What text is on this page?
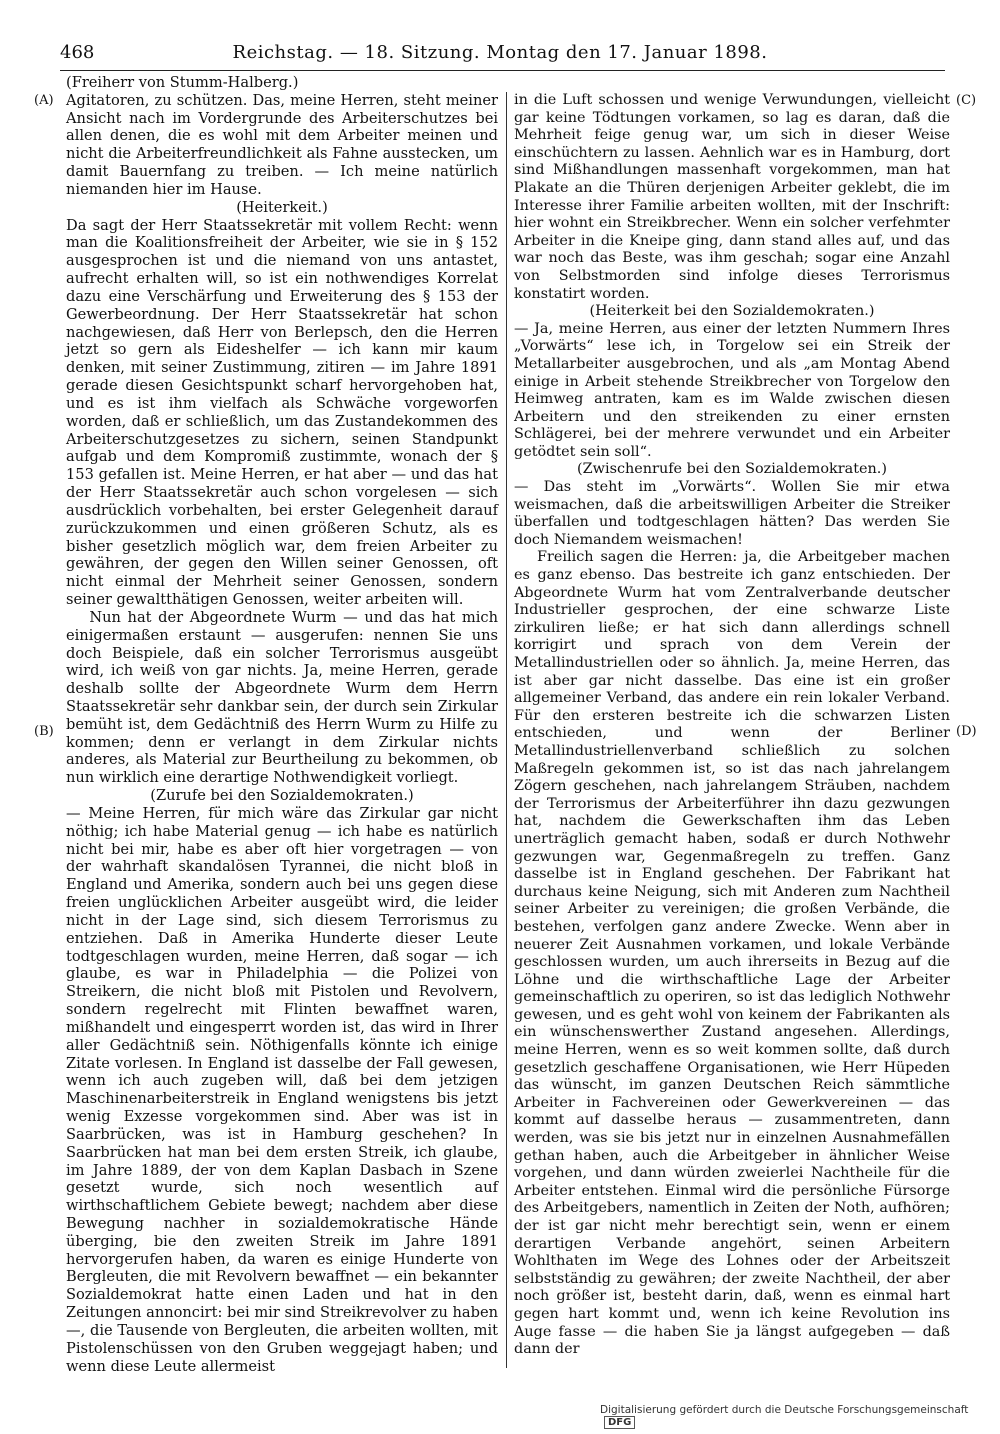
468	Reichstag. — 18. Sitzung. Montag den 17. Januar 1898.
(A)
(B)
(C)
(D)

(Freiherr von Stumm-Halberg.)

Agitatoren, zu schützen. Das, meine Herren, steht meiner Ansicht nach im Vordergrunde des Arbeiterschutzes bei allen denen, die es wohl mit dem Arbeiter meinen und nicht die Arbeiterfreundlichkeit als Fahne ausstecken, um damit Bauernfang zu treiben. — Ich meine natürlich niemanden hier im Hause.

(Heiterkeit.)

Da sagt der Herr Staatssekretär mit vollem Recht: wenn man die Koalitionsfreiheit der Arbeiter, wie sie in § 152 ausgesprochen ist und die niemand von uns antastet, aufrecht erhalten will, so ist ein nothwendiges Korrelat dazu eine Verschärfung und Erweiterung des § 153 der Gewerbeordnung. Der Herr Staatssekretär hat schon nachgewiesen, daß Herr von Berlepsch, den die Herren jetzt so gern als Eideshelfer — ich kann mir kaum denken, mit seiner Zustimmung, zitiren — im Jahre 1891 gerade diesen Gesichtspunkt scharf hervorgehoben hat, und es ist ihm vielfach als Schwäche vorgeworfen worden, daß er schließlich, um das Zustandekommen des Arbeiterschutzgesetzes zu sichern, seinen Standpunkt aufgab und dem Kompromiß zustimmte, wonach der § 153 gefallen ist. Meine Herren, er hat aber — und das hat der Herr Staatssekretär auch schon vorgelesen — sich ausdrücklich vorbehalten, bei erster Gelegenheit darauf zurückzukommen und einen größeren Schutz, als es bisher gesetzlich möglich war, dem freien Arbeiter zu gewähren, der gegen den Willen seiner Genossen, oft nicht einmal der Mehrheit seiner Genossen, sondern seiner gewaltthätigen Genossen, weiter arbeiten will.

Nun hat der Abgeordnete Wurm — und das hat mich einigermaßen erstaunt — ausgerufen: nennen Sie uns doch Beispiele, daß ein solcher Terrorismus ausgeübt wird, ich weiß von gar nichts. Ja, meine Herren, gerade deshalb sollte der Abgeordnete Wurm dem Herrn Staatssekretär sehr dankbar sein, der durch sein Zirkular bemüht ist, dem Gedächtniß des Herrn Wurm zu Hilfe zu kommen; denn er verlangt in dem Zirkular nichts anderes, als Material zur Beurtheilung zu bekommen, ob nun wirklich eine derartige Nothwendigkeit vorliegt.

(Zurufe bei den Sozialdemokraten.)

— Meine Herren, für mich wäre das Zirkular gar nicht nöthig; ich habe Material genug — ich habe es natürlich nicht bei mir, habe es aber oft hier vorgetragen — von der wahrhaft skandalösen Tyrannei, die nicht bloß in England und Amerika, sondern auch bei uns gegen diese freien unglücklichen Arbeiter ausgeübt wird, die leider nicht in der Lage sind, sich diesem Terrorismus zu entziehen. Daß in Amerika Hunderte dieser Leute todtgeschlagen wurden, meine Herren, daß sogar — ich glaube, es war in Philadelphia — die Polizei von Streikern, die nicht bloß mit Pistolen und Revolvern, sondern regelrecht mit Flinten bewaffnet waren, mißhandelt und eingesperrt worden ist, das wird in Ihrer aller Gedächtniß sein. Nöthigenfalls könnte ich einige Zitate vorlesen. In England ist dasselbe der Fall gewesen, wenn ich auch zugeben will, daß bei dem jetzigen Maschinenarbeiterstreik in England wenigstens bis jetzt wenig Exzesse vorgekommen sind. Aber was ist in Saarbrücken, was ist in Hamburg geschehen? In Saarbrücken hat man bei dem ersten Streik, ich glaube, im Jahre 1889, der von dem Kaplan Dasbach in Szene gesetzt wurde, sich noch wesentlich auf wirthschaftlichem Gebiete bewegt; nachdem aber diese Bewegung nachher in sozialdemokratische Hände überging, bie den zweiten Streik im Jahre 1891 hervorgerufen haben, da waren es einige Hunderte von Bergleuten, die mit Revolvern bewaffnet — ein bekannter Sozialdemokrat hatte einen Laden und hat in den Zeitungen annoncirt: bei mir sind Streikrevolver zu haben —, die Tausende von Bergleuten, die arbeiten wollten, mit Pistolenschüssen von den Gruben weggejagt haben; und wenn diese Leute allermeist

in die Luft schossen und wenige Verwundungen, vielleicht gar keine Tödtungen vorkamen, so lag es daran, daß die Mehrheit feige genug war, um sich in dieser Weise einschüchtern zu lassen. Aehnlich war es in Hamburg, dort sind Mißhandlungen massenhaft vorgekommen, man hat Plakate an die Thüren derjenigen Arbeiter geklebt, die im Interesse ihrer Familie arbeiten wollten, mit der Inschrift: hier wohnt ein Streikbrecher. Wenn ein solcher verfehmter Arbeiter in die Kneipe ging, dann stand alles auf, und das war noch das Beste, was ihm geschah; sogar eine Anzahl von Selbstmorden sind infolge dieses Terrorismus konstatirt worden.

(Heiterkeit bei den Sozialdemokraten.)

— Ja, meine Herren, aus einer der letzten Nummern Ihres „Vorwärts“ lese ich, in Torgelow sei ein Streik der Metallarbeiter ausgebrochen, und als „am Montag Abend einige in Arbeit stehende Streikbrecher von Torgelow den Heimweg antraten, kam es im Walde zwischen diesen Arbeitern und den streikenden zu einer ernsten Schlägerei, bei der mehrere verwundet und ein Arbeiter getödtet sein soll“.

(Zwischenrufe bei den Sozialdemokraten.)

— Das steht im „Vorwärts“. Wollen Sie mir etwa weismachen, daß die arbeitswilligen Arbeiter die Streiker überfallen und todtgeschlagen hätten? Das werden Sie doch Niemandem weismachen!

Freilich sagen die Herren: ja, die Arbeitgeber machen es ganz ebenso. Das bestreite ich ganz entschieden. Der Abgeordnete Wurm hat vom Zentralverbande deutscher Industrieller gesprochen, der eine schwarze Liste zirkuliren ließe; er hat sich dann allerdings schnell korrigirt und sprach von dem Verein der Metallindustriellen oder so ähnlich. Ja, meine Herren, das ist aber gar nicht dasselbe. Das eine ist ein großer allgemeiner Verband, das andere ein rein lokaler Verband. Für den ersteren bestreite ich die schwarzen Listen entschieden, und wenn der Berliner Metallindustriellenverband schließlich zu solchen Maßregeln gekommen ist, so ist das nach jahrelangem Zögern geschehen, nach jahrelangem Sträuben, nachdem der Terrorismus der Arbeiterführer ihn dazu gezwungen hat, nachdem die Gewerkschaften ihm das Leben unerträglich gemacht haben, sodaß er durch Nothwehr gezwungen war, Gegenmaßregeln zu treffen. Ganz dasselbe ist in England geschehen. Der Fabrikant hat durchaus keine Neigung, sich mit Anderen zum Nachtheil seiner Arbeiter zu vereinigen; die großen Verbände, die bestehen, verfolgen ganz andere Zwecke. Wenn aber in neuerer Zeit Ausnahmen vorkamen, und lokale Verbände geschlossen wurden, um auch ihrerseits in Bezug auf die Löhne und die wirthschaftliche Lage der Arbeiter gemeinschaftlich zu operiren, so ist das lediglich Nothwehr gewesen, und es geht wohl von keinem der Fabrikanten als ein wünschenswerther Zustand angesehen. Allerdings, meine Herren, wenn es so weit kommen sollte, daß durch gesetzlich geschaffene Organisationen, wie Herr Hüpeden das wünscht, im ganzen Deutschen Reich sämmtliche Arbeiter in Fachvereinen oder Gewerkvereinen — das kommt auf dasselbe heraus — zusammentreten, dann werden, was sie bis jetzt nur in einzelnen Ausnahmefällen gethan haben, auch die Arbeitgeber in ähnlicher Weise vorgehen, und dann würden zweierlei Nachtheile für die Arbeiter entstehen. Einmal wird die persönliche Fürsorge des Arbeitgebers, namentlich in Zeiten der Noth, aufhören; der ist gar nicht mehr berechtigt sein, wenn er einem derartigen Verbande angehört, seinen Arbeitern Wohlthaten im Wege des Lohnes oder der Arbeitszeit selbstständig zu gewähren; der zweite Nachtheil, der aber noch größer ist, besteht darin, daß, wenn es einmal hart gegen hart kommt und, wenn ich keine Revolution ins Auge fasse — die haben Sie ja längst aufgegeben — daß dann der

Digitalisierung gefördert durch die Deutsche Forschungsgemeinschaft DFG
